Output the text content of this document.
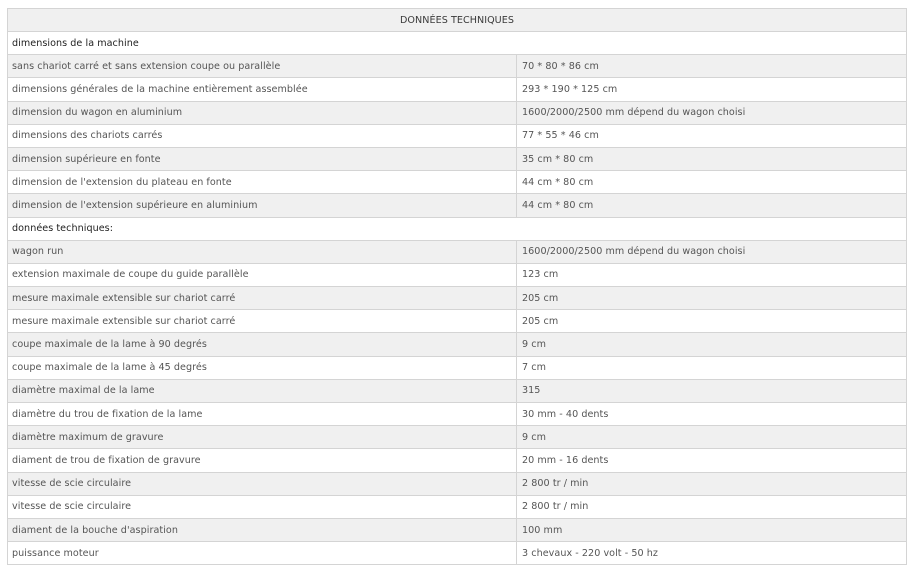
DONNÉES TECHNIQUES	
dimensions de la machine	
sans chariot carré et sans extension coupe ou parallèle	70 * 80 * 86 cm
dimensions générales de la machine entièrement assemblée	293 * 190 * 125 cm
dimension du wagon en aluminium	1600/2000/2500 mm dépend du wagon choisi
dimensions des chariots carrés	77 * 55 * 46 cm
dimension supérieure en fonte	35 cm * 80 cm
dimension de l'extension du plateau en fonte	44 cm * 80 cm
dimension de l'extension supérieure en aluminium	44 cm * 80 cm
données techniques:	
wagon run	1600/2000/2500 mm dépend du wagon choisi
extension maximale de coupe du guide parallèle	123 cm
mesure maximale extensible sur chariot carré	205 cm
mesure maximale extensible sur chariot carré	205 cm
coupe maximale de la lame à 90 degrés	9 cm
coupe maximale de la lame à 45 degrés	7 cm
diamètre maximal de la lame	315
diamètre du trou de fixation de la lame	30 mm - 40 dents
diamètre maximum de gravure	9 cm
diament de trou de fixation de gravure	20 mm - 16 dents
vitesse de scie circulaire	2 800 tr / min
vitesse de scie circulaire	2 800 tr / min
diament de la bouche d'aspiration	100 mm
puissance moteur	3 chevaux - 220 volt - 50 hz
